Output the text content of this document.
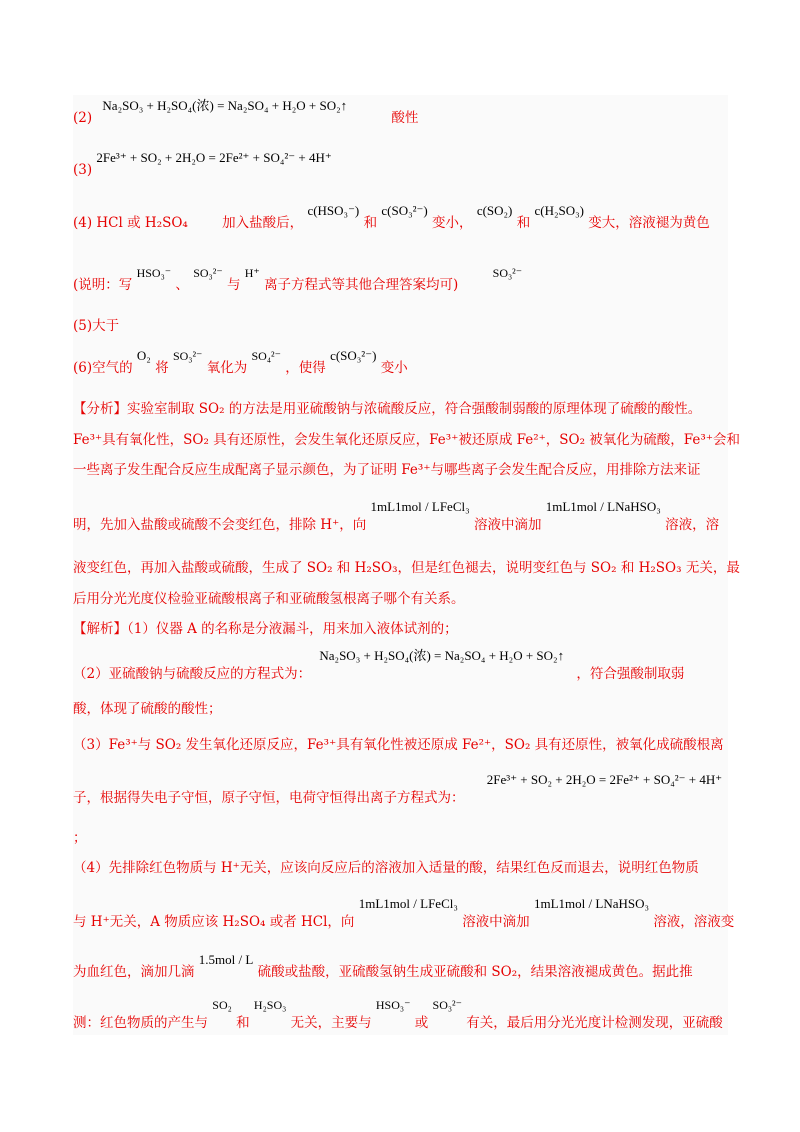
(2) Na₂SO₃ + H₂SO₄(浓) = Na₂SO₄ + H₂O + SO₂↑ 酸性
(3) 2Fe³⁺ + SO₂ + 2H₂O = 2Fe²⁺ + SO₄²⁻ + 4H⁺
(4) HCl 或 H₂SO₄	加入盐酸后， c(HSO₃⁻) 和 c(SO₃²⁻) 变小， c(SO₂) 和 c(H₂SO₃) 变大，溶液褪为黄色
(说明：写 HSO₃⁻ 、 SO₃²⁻ 与 H⁺ 离子方程式等其他合理答案均可) SO₃²⁻
(5)大于
(6)空气的 O₂ 将 SO₃²⁻ 氧化为 SO₄²⁻ ，使得 c(SO₃²⁻) 变小
【分析】实验室制取 SO₂ 的方法是用亚硫酸钠与浓硫酸反应，符合强酸制弱酸的原理体现了硫酸的酸性。
Fe³⁺具有氧化性，SO₂ 具有还原性，会发生氧化还原反应，Fe³⁺被还原成 Fe²⁺，SO₂ 被氧化为硫酸，Fe³⁺会和
一些离子发生配合反应生成配离子显示颜色，为了证明 Fe³⁺与哪些离子会发生配合反应，用排除方法来证
明，先加入盐酸或硫酸不会变红色，排除 H⁺，向 1mL1mol / LFeCl₃ 溶液中滴加 1mL1mol / LNaHSO₃ 溶液，溶
液变红色，再加入盐酸或硫酸，生成了 SO₂ 和 H₂SO₃，但是红色褪去，说明变红色与 SO₂ 和 H₂SO₃ 无关，最
后用分光光度仪检验亚硫酸根离子和亚硫酸氢根离子哪个有关系。
【解析】（1）仪器 A 的名称是分液漏斗，用来加入液体试剂的；
（2）亚硫酸钠与硫酸反应的方程式为： Na₂SO₃ + H₂SO₄(浓) = Na₂SO₄ + H₂O + SO₂↑ ，符合强酸制取弱
酸，体现了硫酸的酸性；
（3）Fe³⁺与 SO₂ 发生氧化还原反应，Fe³⁺具有氧化性被还原成 Fe²⁺，SO₂ 具有还原性，被氧化成硫酸根离
子，根据得失电子守恒，原子守恒，电荷守恒得出离子方程式为： 2Fe³⁺ + SO₂ + 2H₂O = 2Fe²⁺ + SO₄²⁻ + 4H⁺
；
（4）先排除红色物质与 H⁺无关，应该向反应后的溶液加入适量的酸，结果红色反而退去，说明红色物质
与 H⁺无关，A 物质应该 H₂SO₄ 或者 HCl，向 1mL1mol / LFeCl₃ 溶液中滴加 1mL1mol / LNaHSO₃ 溶液，溶液变
为血红色，滴加几滴 1.5mol / L 硫酸或盐酸，亚硫酸氢钠生成亚硫酸和 SO₂，结果溶液褪成黄色。据此推
测：红色物质的产生与 SO₂ 和 H₂SO₃ 无关，主要与 HSO₃⁻ 或 SO₃²⁻ 有关，最后用分光光度计检测发现，亚硫酸
